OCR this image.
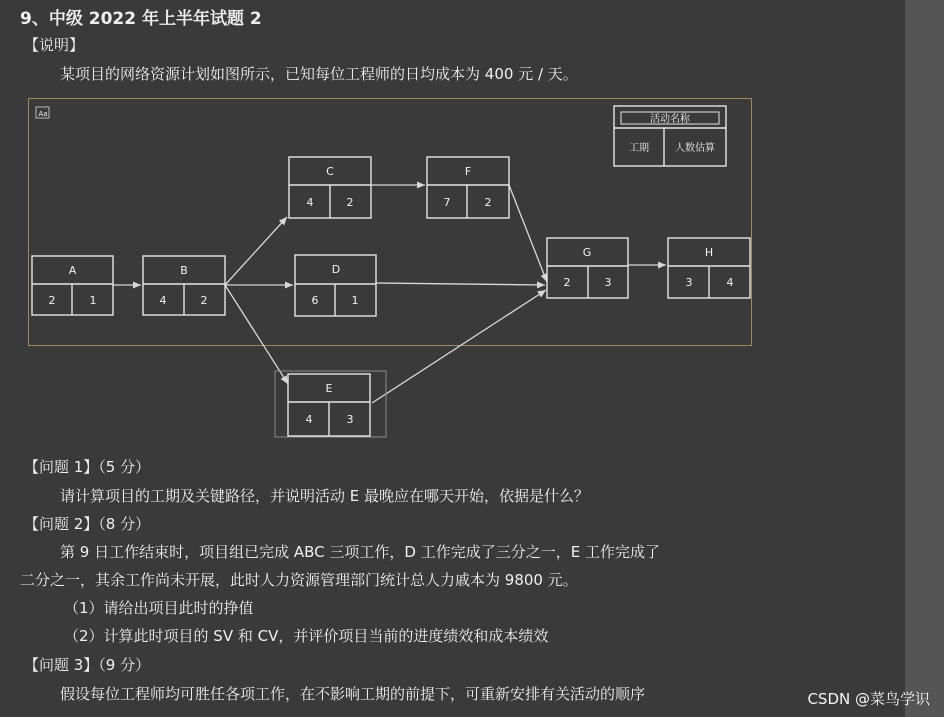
9、中级 2022 年上半年试题 2
【说明】
某项目的网络资源计划如图所示，已知每位工程师的日均成本为 400 元 / 天。
Aa	活动名称
工期	人数估算
A
2	1
B
4	2
C
4	2
D
6	1
E
4	3
F
7	2
G
2	3
H
3	4
【问题 1】（5 分）
请计算项目的工期及关键路径，并说明活动 E 最晚应在哪天开始，依据是什么？
【问题 2】（8 分）
第 9 日工作结束时，项目组已完成 ABC 三项工作，D 工作完成了三分之一，E 工作完成了
二分之一，其余工作尚未开展，此时人力资源管理部门统计总人力戚本为 9800 元。
（1）请给出项目此时的挣值
（2）计算此时项目的 SV 和 CV，并评价项目当前的进度绩效和成本绩效
【问题 3】（9 分）
假设每位工程师均可胜任各项工作，在不影响工期的前提下，可重新安排有关活动的顺序	CSDN @菜鸟学识
